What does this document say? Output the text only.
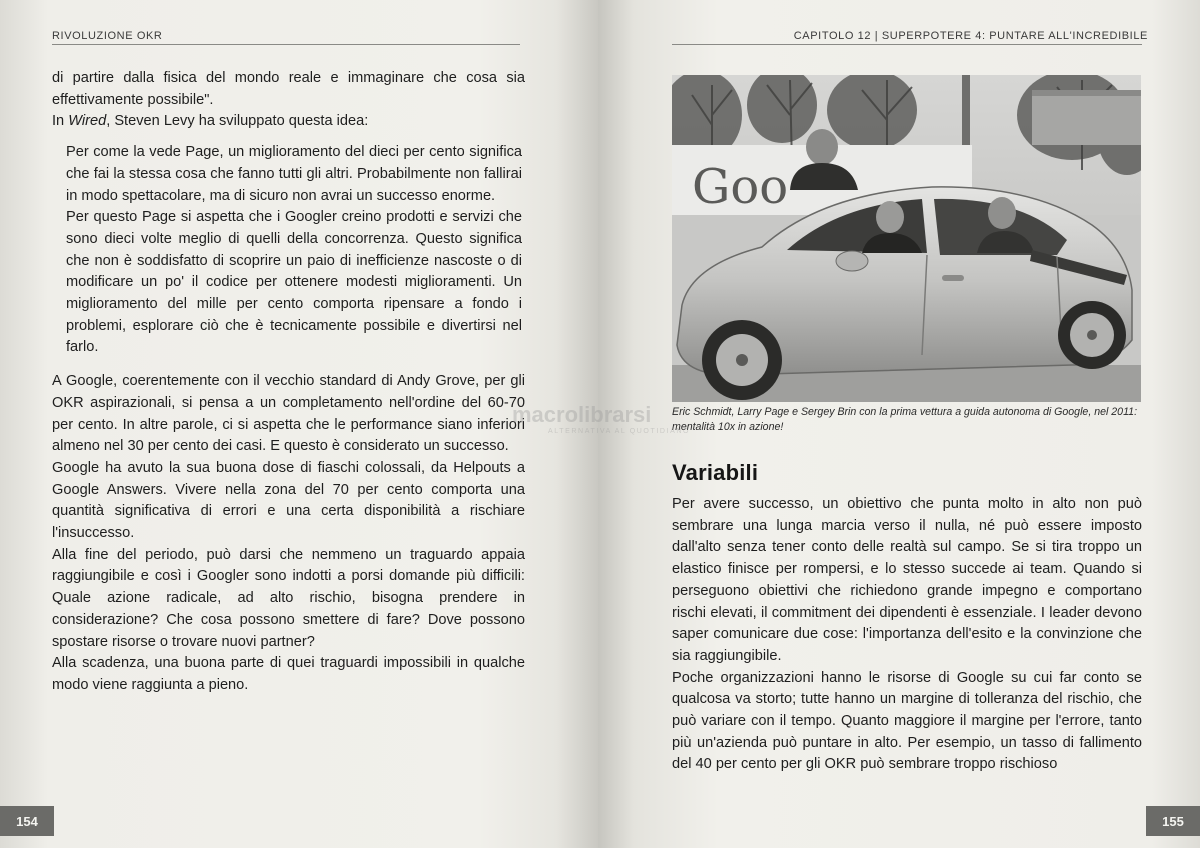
RIVOLUZIONE OKR

di partire dalla fisica del mondo reale e immaginare che cosa sia effettivamente possibile".

In Wired, Steven Levy ha sviluppato questa idea:

Per come la vede Page, un miglioramento del dieci per cento significa che fai la stessa cosa che fanno tutti gli altri. Probabilmente non fallirai in modo spettacolare, ma di sicuro non avrai un successo enorme.

Per questo Page si aspetta che i Googler creino prodotti e servizi che sono dieci volte meglio di quelli della concorrenza. Questo significa che non è soddisfatto di scoprire un paio di inefficienze nascoste o di modificare un po' il codice per ottenere modesti miglioramenti. Un miglioramento del mille per cento comporta ripensare a fondo i problemi, esplorare ciò che è tecnicamente possibile e divertirsi nel farlo.

A Google, coerentemente con il vecchio standard di Andy Grove, per gli OKR aspirazionali, si pensa a un completamento nell'ordine del 60-70 per cento. In altre parole, ci si aspetta che le performance siano inferiori almeno nel 30 per cento dei casi. E questo è considerato un successo.

Google ha avuto la sua buona dose di fiaschi colossali, da Helpouts a Google Answers. Vivere nella zona del 70 per cento comporta una quantità significativa di errori e una certa disponibilità a rischiare l'insuccesso.

Alla fine del periodo, può darsi che nemmeno un traguardo appaia raggiungibile e così i Googler sono indotti a porsi domande più difficili: Quale azione radicale, ad alto rischio, bisogna prendere in considerazione? Che cosa possono smettere di fare? Dove possono spostare risorse o trovare nuovi partner?

Alla scadenza, una buona parte di quei traguardi impossibili in qualche modo viene raggiunta a pieno.

154
CAPITOLO 12 | SUPERPOTERE 4: PUNTARE ALL'INCREDIBILE
Goo
Eric Schmidt, Larry Page e Sergey Brin con la prima vettura a guida autonoma di Google, nel 2011: mentalità 10x in azione!
Variabili

Per avere successo, un obiettivo che punta molto in alto non può sembrare una lunga marcia verso il nulla, né può essere imposto dall'alto senza tener conto delle realtà sul campo. Se si tira troppo un elastico finisce per rompersi, e lo stesso succede ai team. Quando si perseguono obiettivi che richiedono grande impegno e comportano rischi elevati, il commitment dei dipendenti è essenziale. I leader devono saper comunicare due cose: l'importanza dell'esito e la convinzione che sia raggiungibile.

Poche organizzazioni hanno le risorse di Google su cui far conto se qualcosa va storto; tutte hanno un margine di tolleranza del rischio, che può variare con il tempo. Quanto maggiore il margine per l'errore, tanto più un'azienda può puntare in alto. Per esempio, un tasso di fallimento del 40 per cento per gli OKR può sembrare troppo rischioso

155
macrolibrarsi
ALTERNATIVA AL QUOTIDIANO
